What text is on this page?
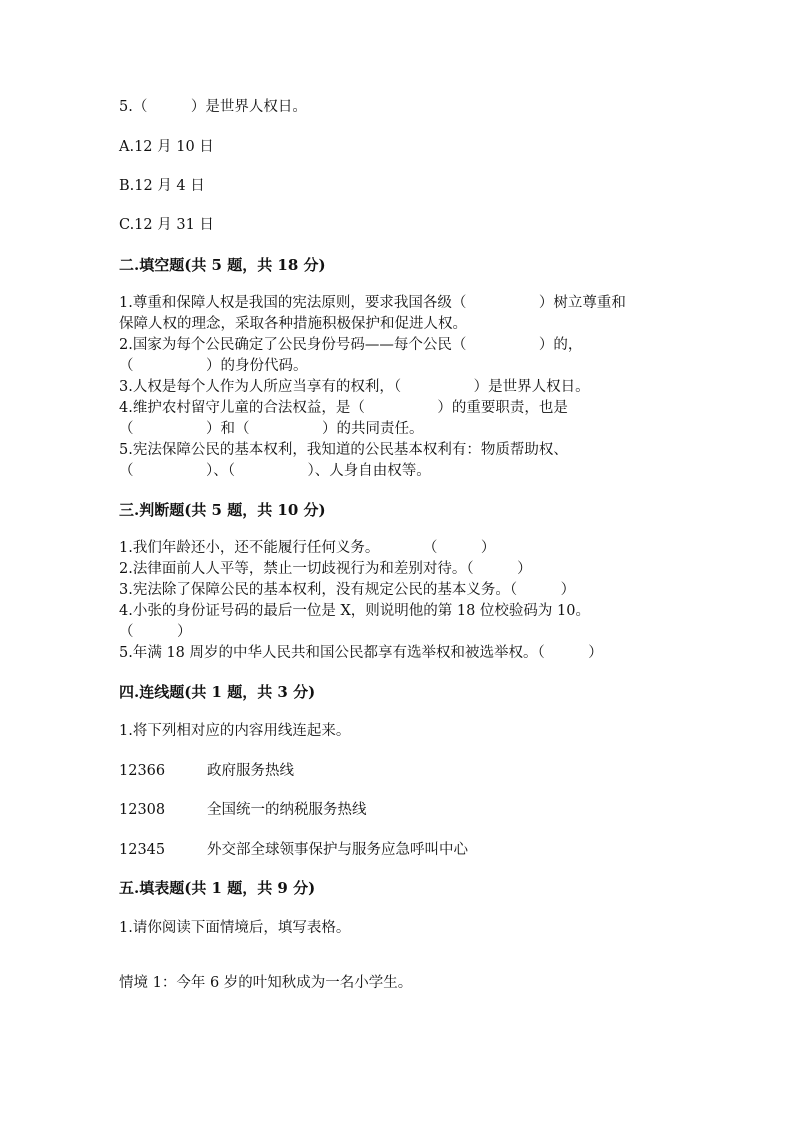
5.（　　　）是世界人权日。
A.12 月 10 日
B.12 月 4 日
C.12 月 31 日
二.填空题(共 5 题，共 18 分)
1.尊重和保障人权是我国的宪法原则，要求我国各级（　　　　　）树立尊重和
保障人权的理念，采取各种措施积极保护和促进人权。
2.国家为每个公民确定了公民身份号码——每个公民（　　　　　）的，
（　　　　　）的身份代码。
3.人权是每个人作为人所应当享有的权利，（　　　　　）是世界人权日。
4.维护农村留守儿童的合法权益，是（　　　　　）的重要职责，也是
（　　　　　）和（　　　　　）的共同责任。
5.宪法保障公民的基本权利，我知道的公民基本权利有：物质帮助权、
（　　　　　）、（　　　　　）、人身自由权等。
三.判断题(共 5 题，共 10 分)
1.我们年龄还小，还不能履行任何义务。　　　　（　　　）
2.法律面前人人平等，禁止一切歧视行为和差别对待。（　　　）
3.宪法除了保障公民的基本权利，没有规定公民的基本义务。（　　　）
4.小张的身份证号码的最后一位是 X，则说明他的第 18 位校验码为 10。
（　　　）
5.年满 18 周岁的中华人民共和国公民都享有选举权和被选举权。（　　　）
四.连线题(共 1 题，共 3 分)
1.将下列相对应的内容用线连起来。
12366	政府服务热线
12308	全国统一的纳税服务热线
12345	外交部全球领事保护与服务应急呼叫中心
五.填表题(共 1 题，共 9 分)
1.请你阅读下面情境后，填写表格。
情境 1：今年 6 岁的叶知秋成为一名小学生。
